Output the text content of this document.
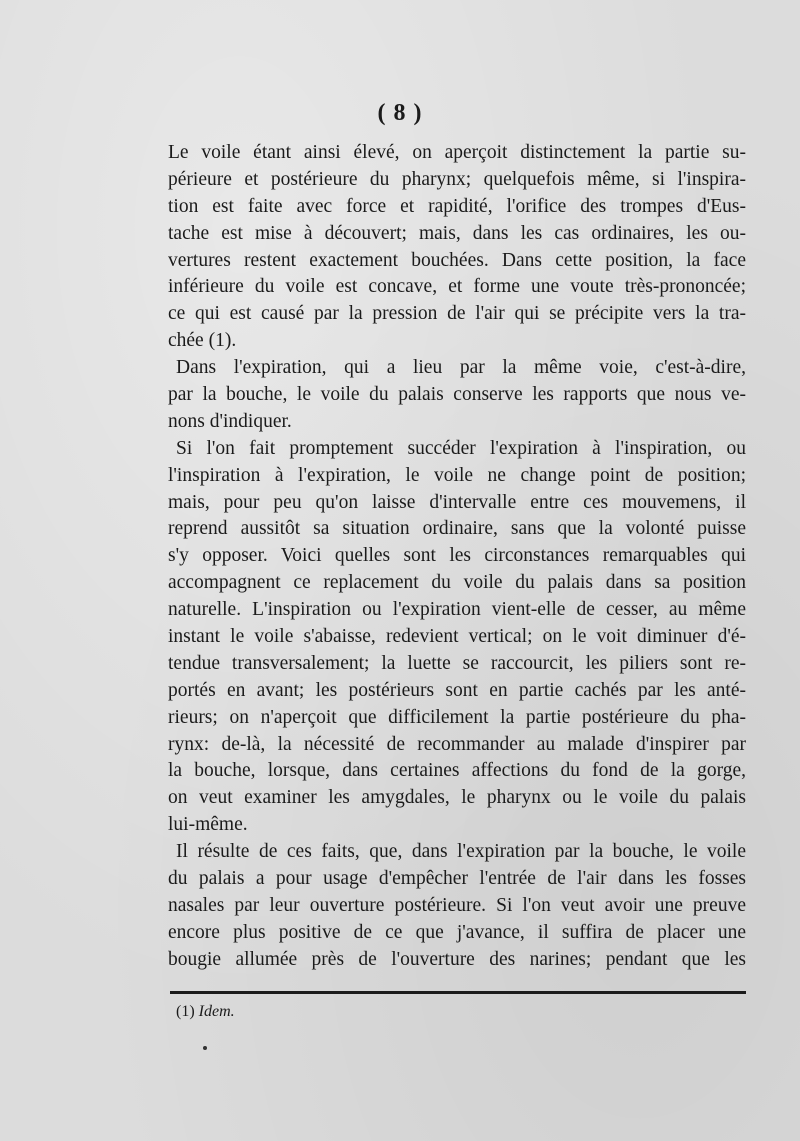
( 8 )
Le voile étant ainsi élevé, on aperçoit distinctement la partie su-
périeure et postérieure du pharynx; quelquefois même, si l'inspira-
tion est faite avec force et rapidité, l'orifice des trompes d'Eus-
tache est mise à découvert; mais, dans les cas ordinaires, les ou-
vertures restent exactement bouchées. Dans cette position, la face
inférieure du voile est concave, et forme une voute très-prononcée;
ce qui est causé par la pression de l'air qui se précipite vers la tra-
chée (1).
Dans l'expiration, qui a lieu par la même voie, c'est-à-dire,
par la bouche, le voile du palais conserve les rapports que nous ve-
nons d'indiquer.
Si l'on fait promptement succéder l'expiration à l'inspiration, ou
l'inspiration à l'expiration, le voile ne change point de position;
mais, pour peu qu'on laisse d'intervalle entre ces mouvemens, il
reprend aussitôt sa situation ordinaire, sans que la volonté puisse
s'y opposer. Voici quelles sont les circonstances remarquables qui
accompagnent ce replacement du voile du palais dans sa position
naturelle. L'inspiration ou l'expiration vient-elle de cesser, au même
instant le voile s'abaisse, redevient vertical; on le voit diminuer d'é-
tendue transversalement; la luette se raccourcit, les piliers sont re-
portés en avant; les postérieurs sont en partie cachés par les anté-
rieurs; on n'aperçoit que difficilement la partie postérieure du pha-
rynx: de-là, la nécessité de recommander au malade d'inspirer par
la bouche, lorsque, dans certaines affections du fond de la gorge,
on veut examiner les amygdales, le pharynx ou le voile du palais
lui-même.
Il résulte de ces faits, que, dans l'expiration par la bouche, le voile
du palais a pour usage d'empêcher l'entrée de l'air dans les fosses
nasales par leur ouverture postérieure. Si l'on veut avoir une preuve
encore plus positive de ce que j'avance, il suffira de placer une
bougie allumée près de l'ouverture des narines; pendant que les
(1) Idem.
